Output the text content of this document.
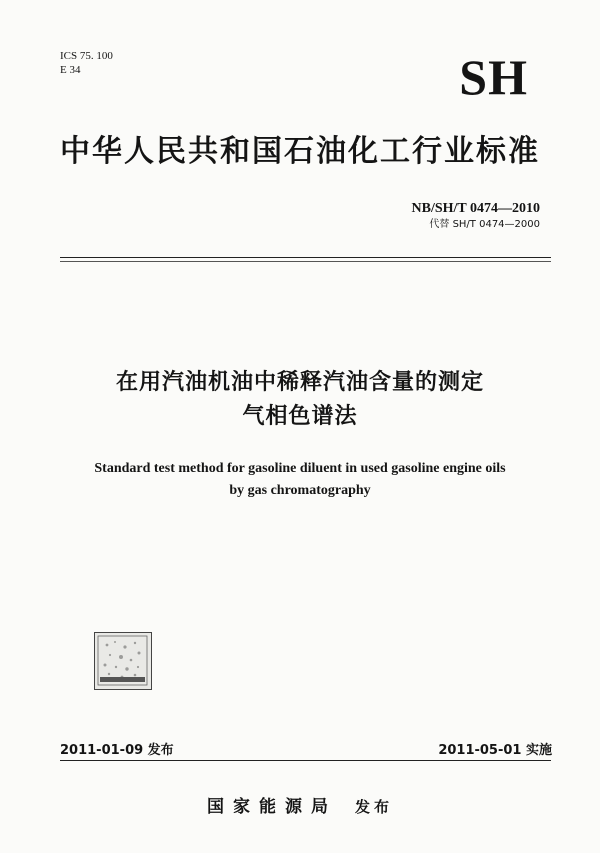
ICS 75. 100
E 34	SH
中华人民共和国石油化工行业标准
NB/SH/T 0474—2010
代替 SH/T 0474—2000
在用汽油机油中稀释汽油含量的测定
气相色谱法
Standard test method for gasoline diluent in used gasoline engine oils
by gas chromatography
2011-01-09 发布	2011-05-01 实施
国家能源局 发布
